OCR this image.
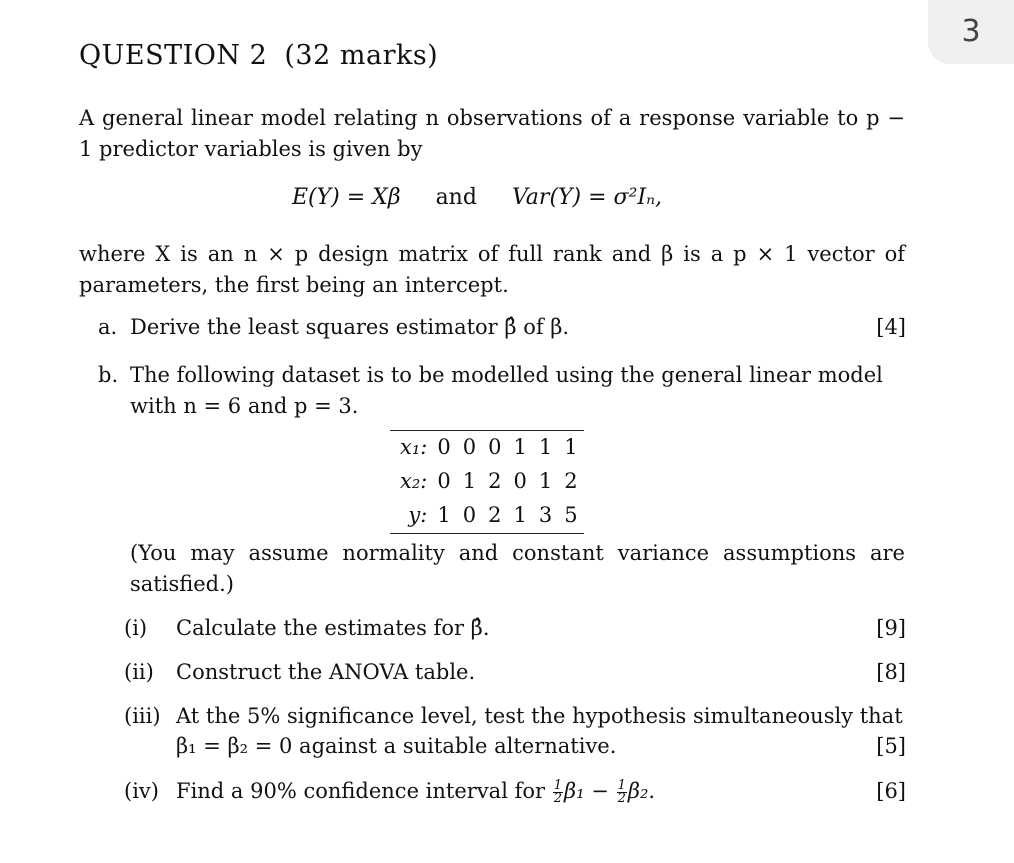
3
QUESTION 2 (32 marks)
A general linear model relating n observations of a response variable to p − 1 predictor variables is given by
E(Y) = Xβ and Var(Y) = σ²Iₙ,
where X is an n × p design matrix of full rank and β is a p × 1 vector of parameters, the first being an intercept.
a. Derive the least squares estimator β̂ of β.	[4]
b. The following dataset is to be modelled using the general linear model
with n = 6 and p = 3.
x₁:	0	0	0	1	1	1
x₂:	0	1	2	0	1	2
y:	1	0	2	1	3	5
(You may assume normality and constant variance assumptions are satisfied.)
(i) Calculate the estimates for β̂.	[9]
(ii) Construct the ANOVA table.	[8]
(iii) At the 5% significance level, test the hypothesis simultaneously that
β₁ = β₂ = 0 against a suitable alternative.	[5]
(iv) Find a 90% confidence interval for $\frac{1}{2} \beta_1 - \frac{1}{2} \beta_2$.	[6]
